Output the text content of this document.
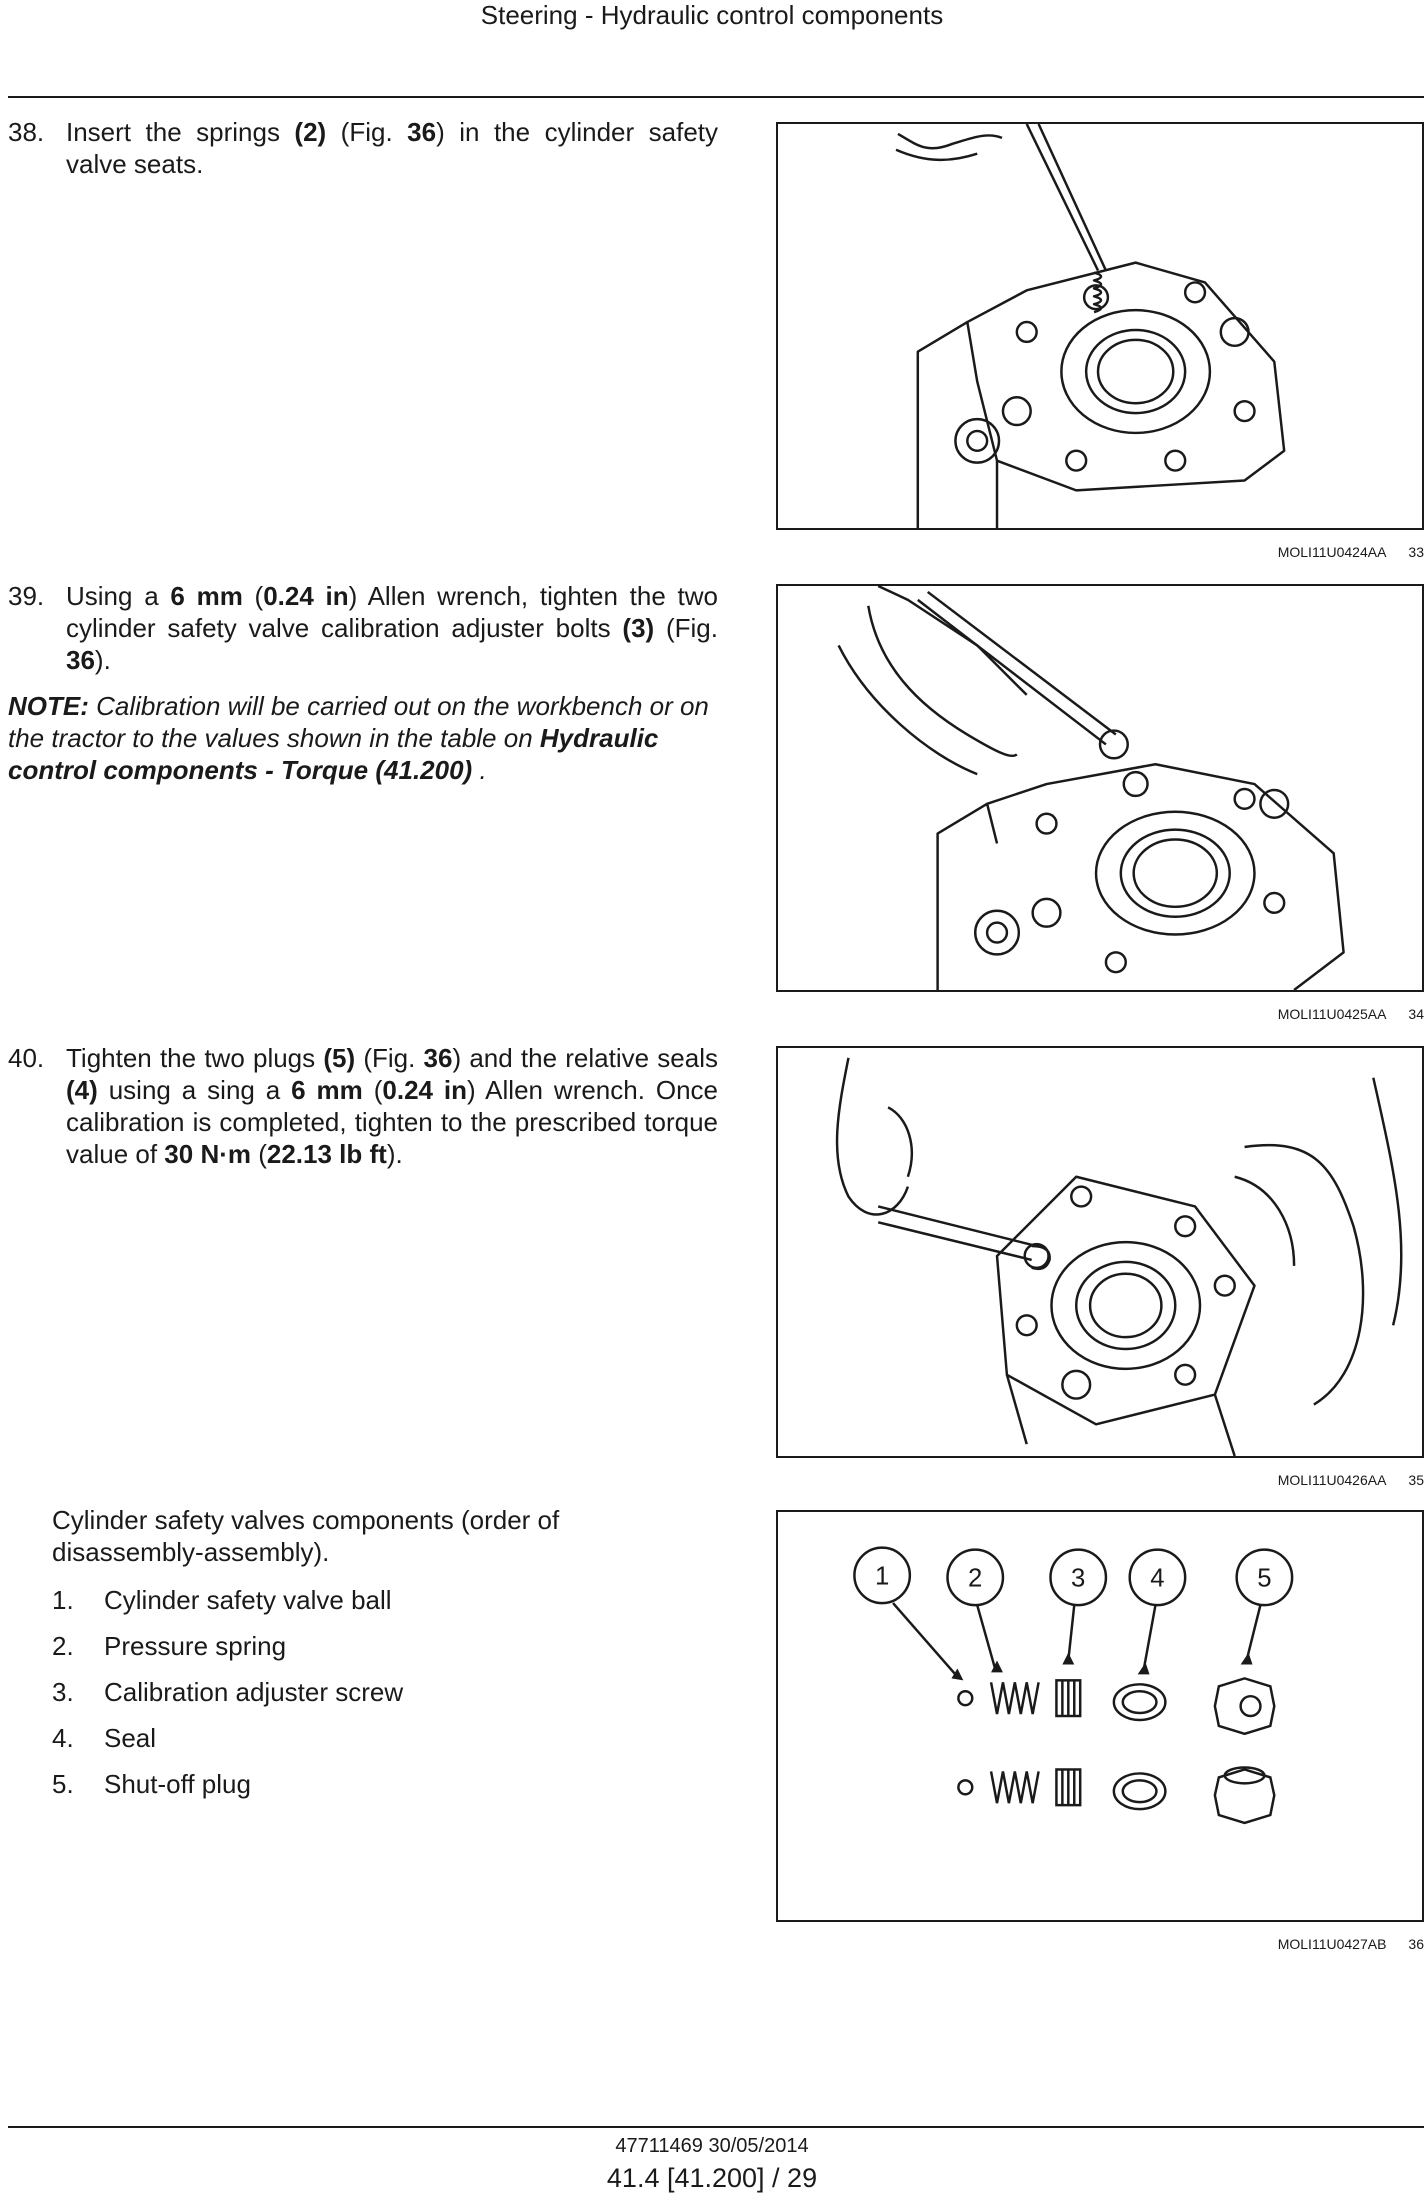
Steering - Hydraulic control components
38. Insert the springs (2) (Fig. 36) in the cylinder safety valve seats.
39. Using a 6 mm (0.24 in) Allen wrench, tighten the two cylinder safety valve calibration adjuster bolts (3) (Fig. 36).
NOTE: Calibration will be carried out on the workbench or on the tractor to the values shown in the table on Hydraulic control components - Torque (41.200) .
40. Tighten the two plugs (5) (Fig. 36) and the relative seals (4) using a sing a 6 mm (0.24 in) Allen wrench. Once calibration is completed, tighten to the prescribed torque value of 30 N·m (22.13 lb ft).
MOLI11U0424AA 33
MOLI11U0425AA 34
MOLI11U0426AA 35
1	2	3 4	5
MOLI11U0427AB 36
Cylinder safety valves components (order of disassembly-assembly).
1.	Cylinder safety valve ball
2.	Pressure spring
3.	Calibration adjuster screw
4.	Seal
5.	Shut-off plug
47711469 30/05/2014
41.4 [41.200] / 29
